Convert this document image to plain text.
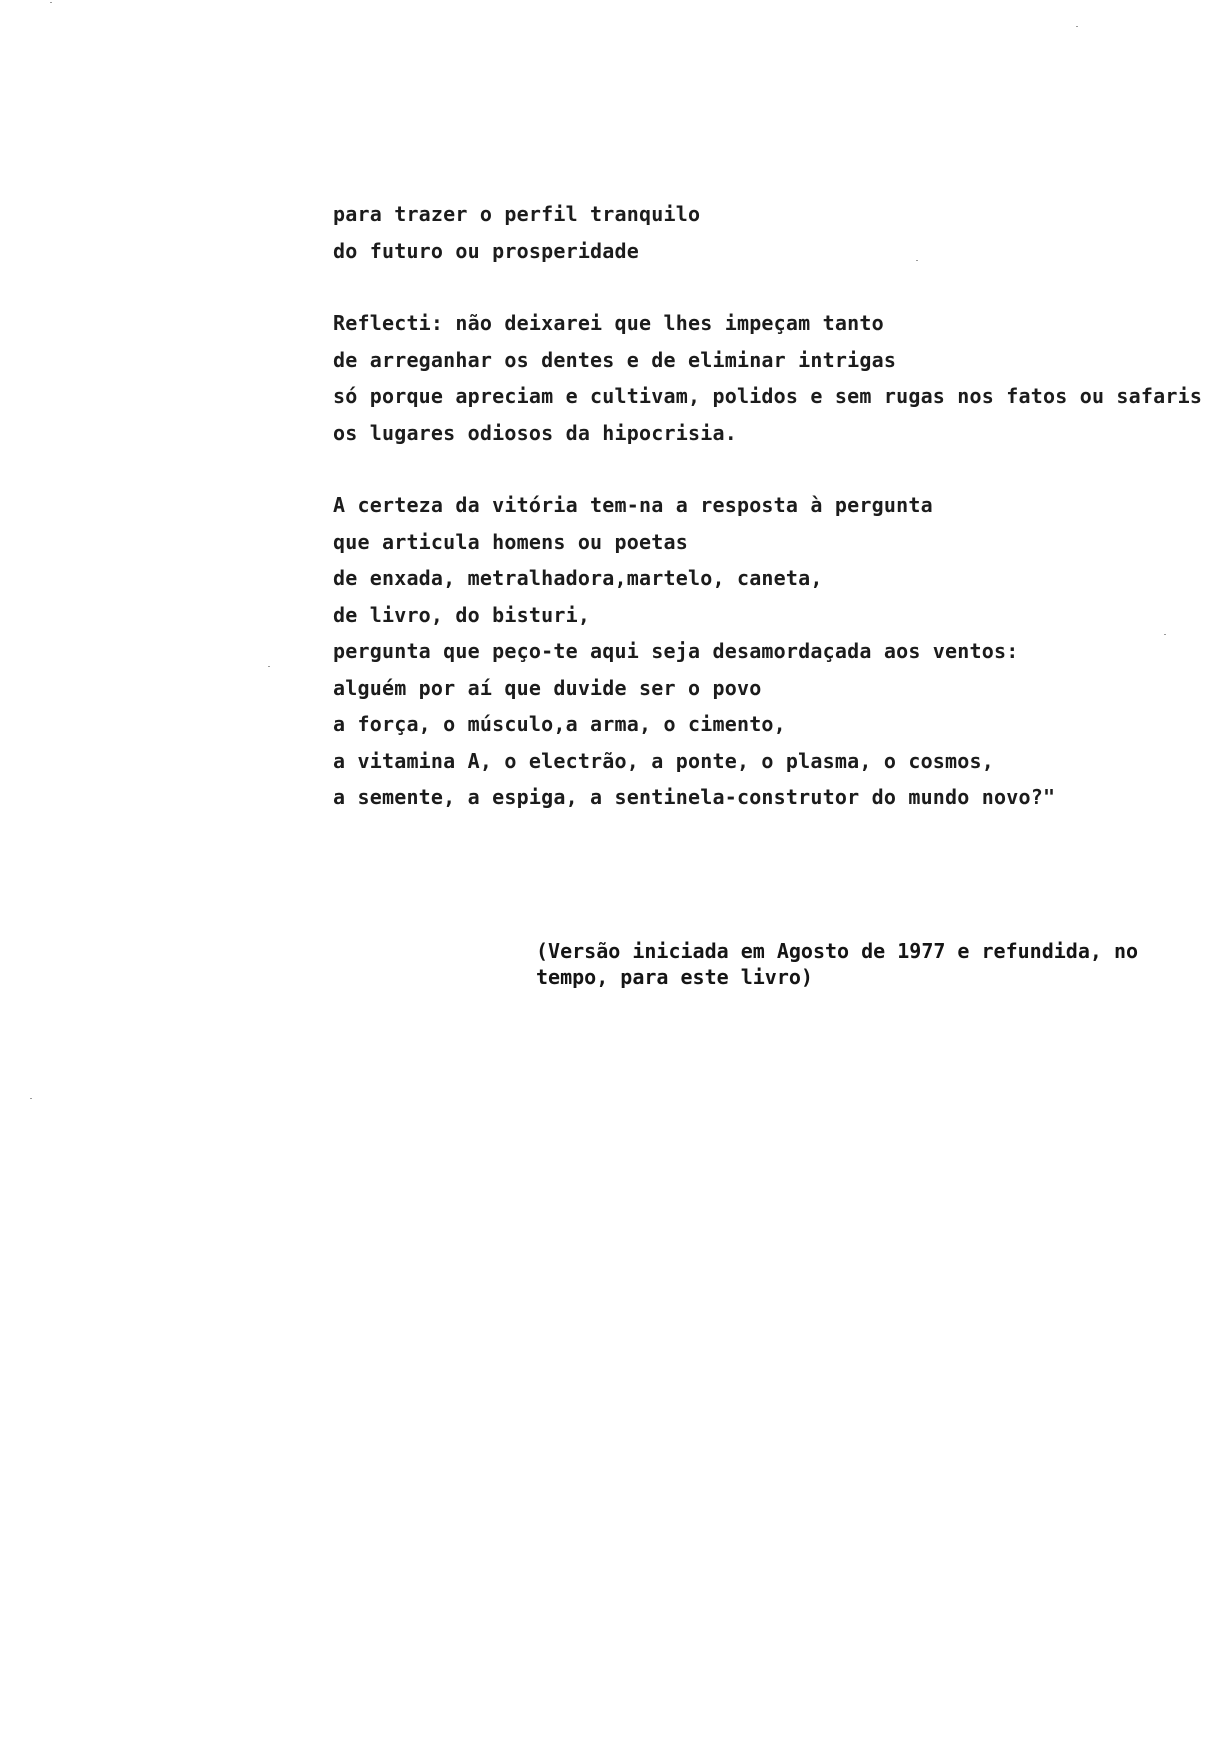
para trazer o perfil tranquilo
do futuro ou prosperidade
Reflecti: não deixarei que lhes impeçam tanto
de arreganhar os dentes e de eliminar intrigas
só porque apreciam e cultivam, polidos e sem rugas nos fatos ou safaris
os lugares odiosos da hipocrisia.
A certeza da vitória tem-na a resposta à pergunta
que articula homens ou poetas
de enxada, metralhadora,martelo, caneta,
de livro, do bisturi,
pergunta que peço-te aqui seja desamordaçada aos ventos:
alguém por aí que duvide ser o povo
a força, o músculo,a arma, o cimento,
a vitamina A, o electrão, a ponte, o plasma, o cosmos,
a semente, a espiga, a sentinela-construtor do mundo novo?"
(Versão iniciada em Agosto de 1977 e refundida, no
tempo, para este livro)
